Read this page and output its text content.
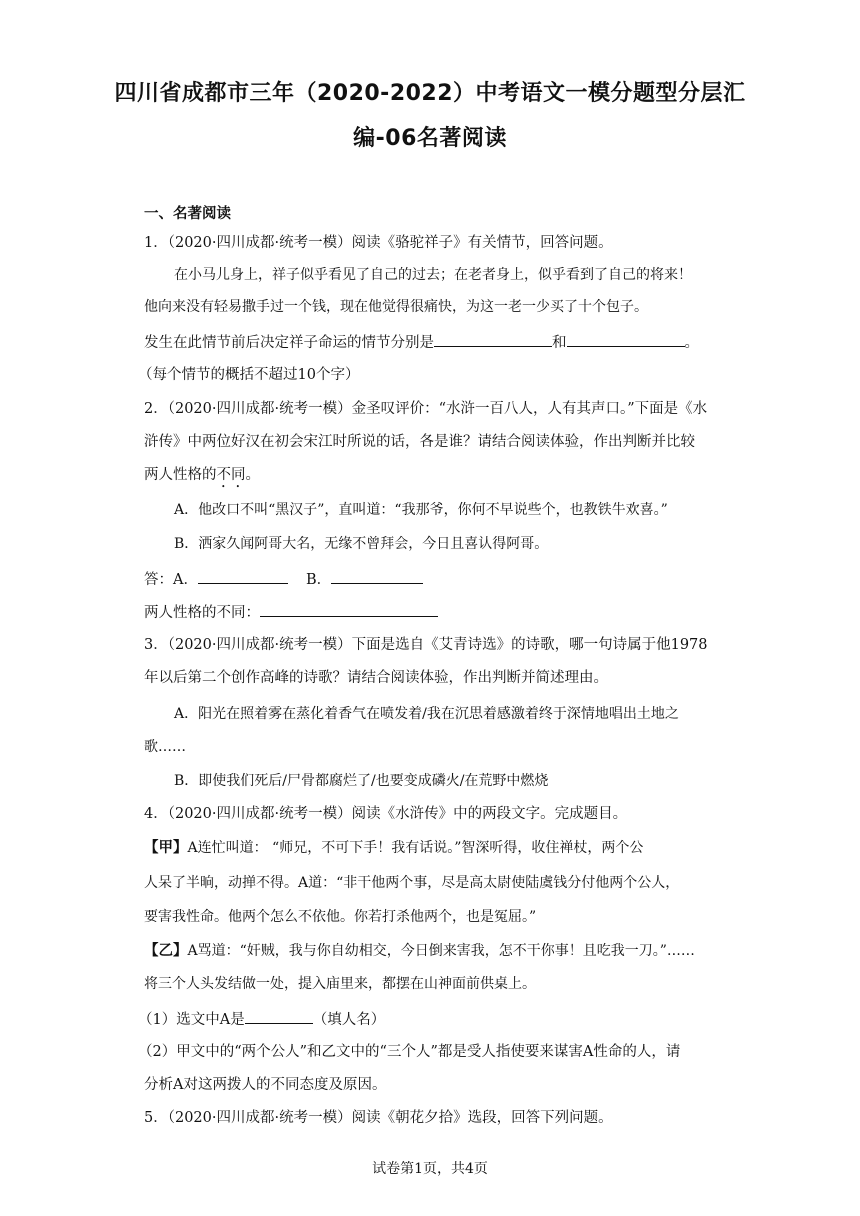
四川省成都市三年（2020-2022）中考语文一模分题型分层汇
编-06名著阅读
一、名著阅读
1．（2020·四川成都·统考一模）阅读《骆驼祥子》有关情节，回答问题。
在小马儿身上，祥子似乎看见了自己的过去；在老者身上，似乎看到了自己的将来！
他向来没有轻易撒手过一个钱，现在他觉得很痛快，为这一老一少买了十个包子。
发生在此情节前后决定祥子命运的情节分别是	和	。
（每个情节的概括不超过10个字）
2．（2020·四川成都·统考一模）金圣叹评价：“水浒一百八人，人有其声口。”下面是《水
浒传》中两位好汉在初会宋江时所说的话，各是谁？请结合阅读体验，作出判断并比较
两人性格的不同。
A．他改口不叫“黑汉子”，直叫道：“我那爷，你何不早说些个，也教铁牛欢喜。”
B．洒家久闻阿哥大名，无缘不曾拜会，今日且喜认得阿哥。
答：A．	B．
两人性格的不同：
3．（2020·四川成都·统考一模）下面是选自《艾青诗选》的诗歌，哪一句诗属于他1978
年以后第二个创作高峰的诗歌？请结合阅读体验，作出判断并简述理由。
A．阳光在照着雾在蒸化着香气在喷发着/我在沉思着感激着终于深情地唱出土地之
歌……
B．即使我们死后/尸骨都腐烂了/也要变成磷火/在荒野中燃烧
4．（2020·四川成都·统考一模）阅读《水浒传》中的两段文字。完成题目。
【甲】A连忙叫道： “师兄，不可下手！我有话说。”智深听得，收住禅杖，两个公
人呆了半晌，动掸不得。A道：“非干他两个事，尽是高太尉使陆虞钱分付他两个公人，
要害我性命。他两个怎么不依他。你若打杀他两个，也是冤屈。”
【乙】A骂道：“奸贼，我与你自幼相交，今日倒来害我，怎不干你事！且吃我一刀。”……
将三个人头发结做一处，提入庙里来，都摆在山神面前供桌上。
（1）选文中A是	（填人名）
（2）甲文中的“两个公人”和乙文中的“三个人”都是受人指使要来谋害A性命的人，请
分析A对这两拨人的不同态度及原因。
5．（2020·四川成都·统考一模）阅读《朝花夕拾》选段，回答下列问题。
试卷第1页，共4页
